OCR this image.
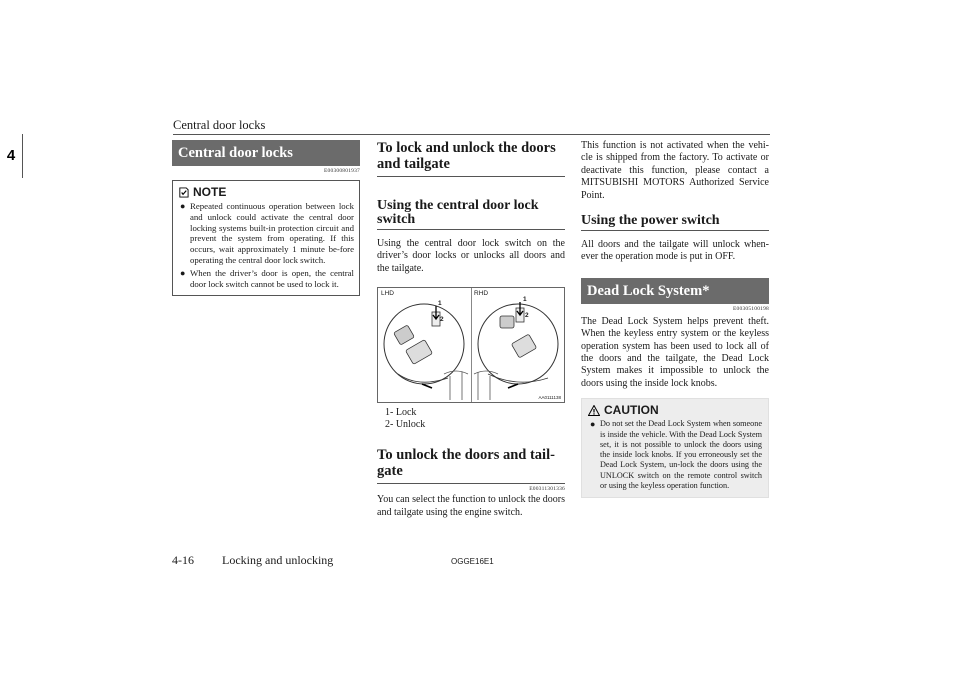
Central door locks
4	Central door locks
E00300801937
NOTE
● Repeated continuous operation between lock and unlock could activate the central door locking systems built-in protection circuit and prevent the system from operating. If this occurs, wait approximately 1 minute be-fore operating the central door lock switch.
● When the driver’s door is open, the central door lock switch cannot be used to lock it.
To lock and unlock the doors and tailgate
Using the central door lock switch
Using the central door lock switch on the driver’s door locks or unlocks all doors and the tailgate.
LHD	RHD
1
2
1
2
AA0111138
1- Lock
2- Unlock
To unlock the doors and tail-gate
E00311301336
You can select the function to unlock the doors and tailgate using the engine switch.
This function is not activated when the vehi-cle is shipped from the factory. To activate or deactivate this function, please contact a MITSUBISHI MOTORS Authorized Service Point.
Using the power switch
All doors and the tailgate will unlock when-ever the operation mode is put in OFF.
Dead Lock System*
E00305100198
The Dead Lock System helps prevent theft. When the keyless entry system or the keyless operation system has been used to lock all of the doors and the tailgate, the Dead Lock System makes it impossible to unlock the doors using the inside lock knobs.
CAUTION
● Do not set the Dead Lock System when someone is inside the vehicle. With the Dead Lock System set, it is not possible to unlock the doors using the inside lock knobs. If you erroneously set the Dead Lock System, un-lock the doors using the UNLOCK switch on the remote control switch or using the keyless operation function.
4-16 Locking and unlocking	OGGE16E1
